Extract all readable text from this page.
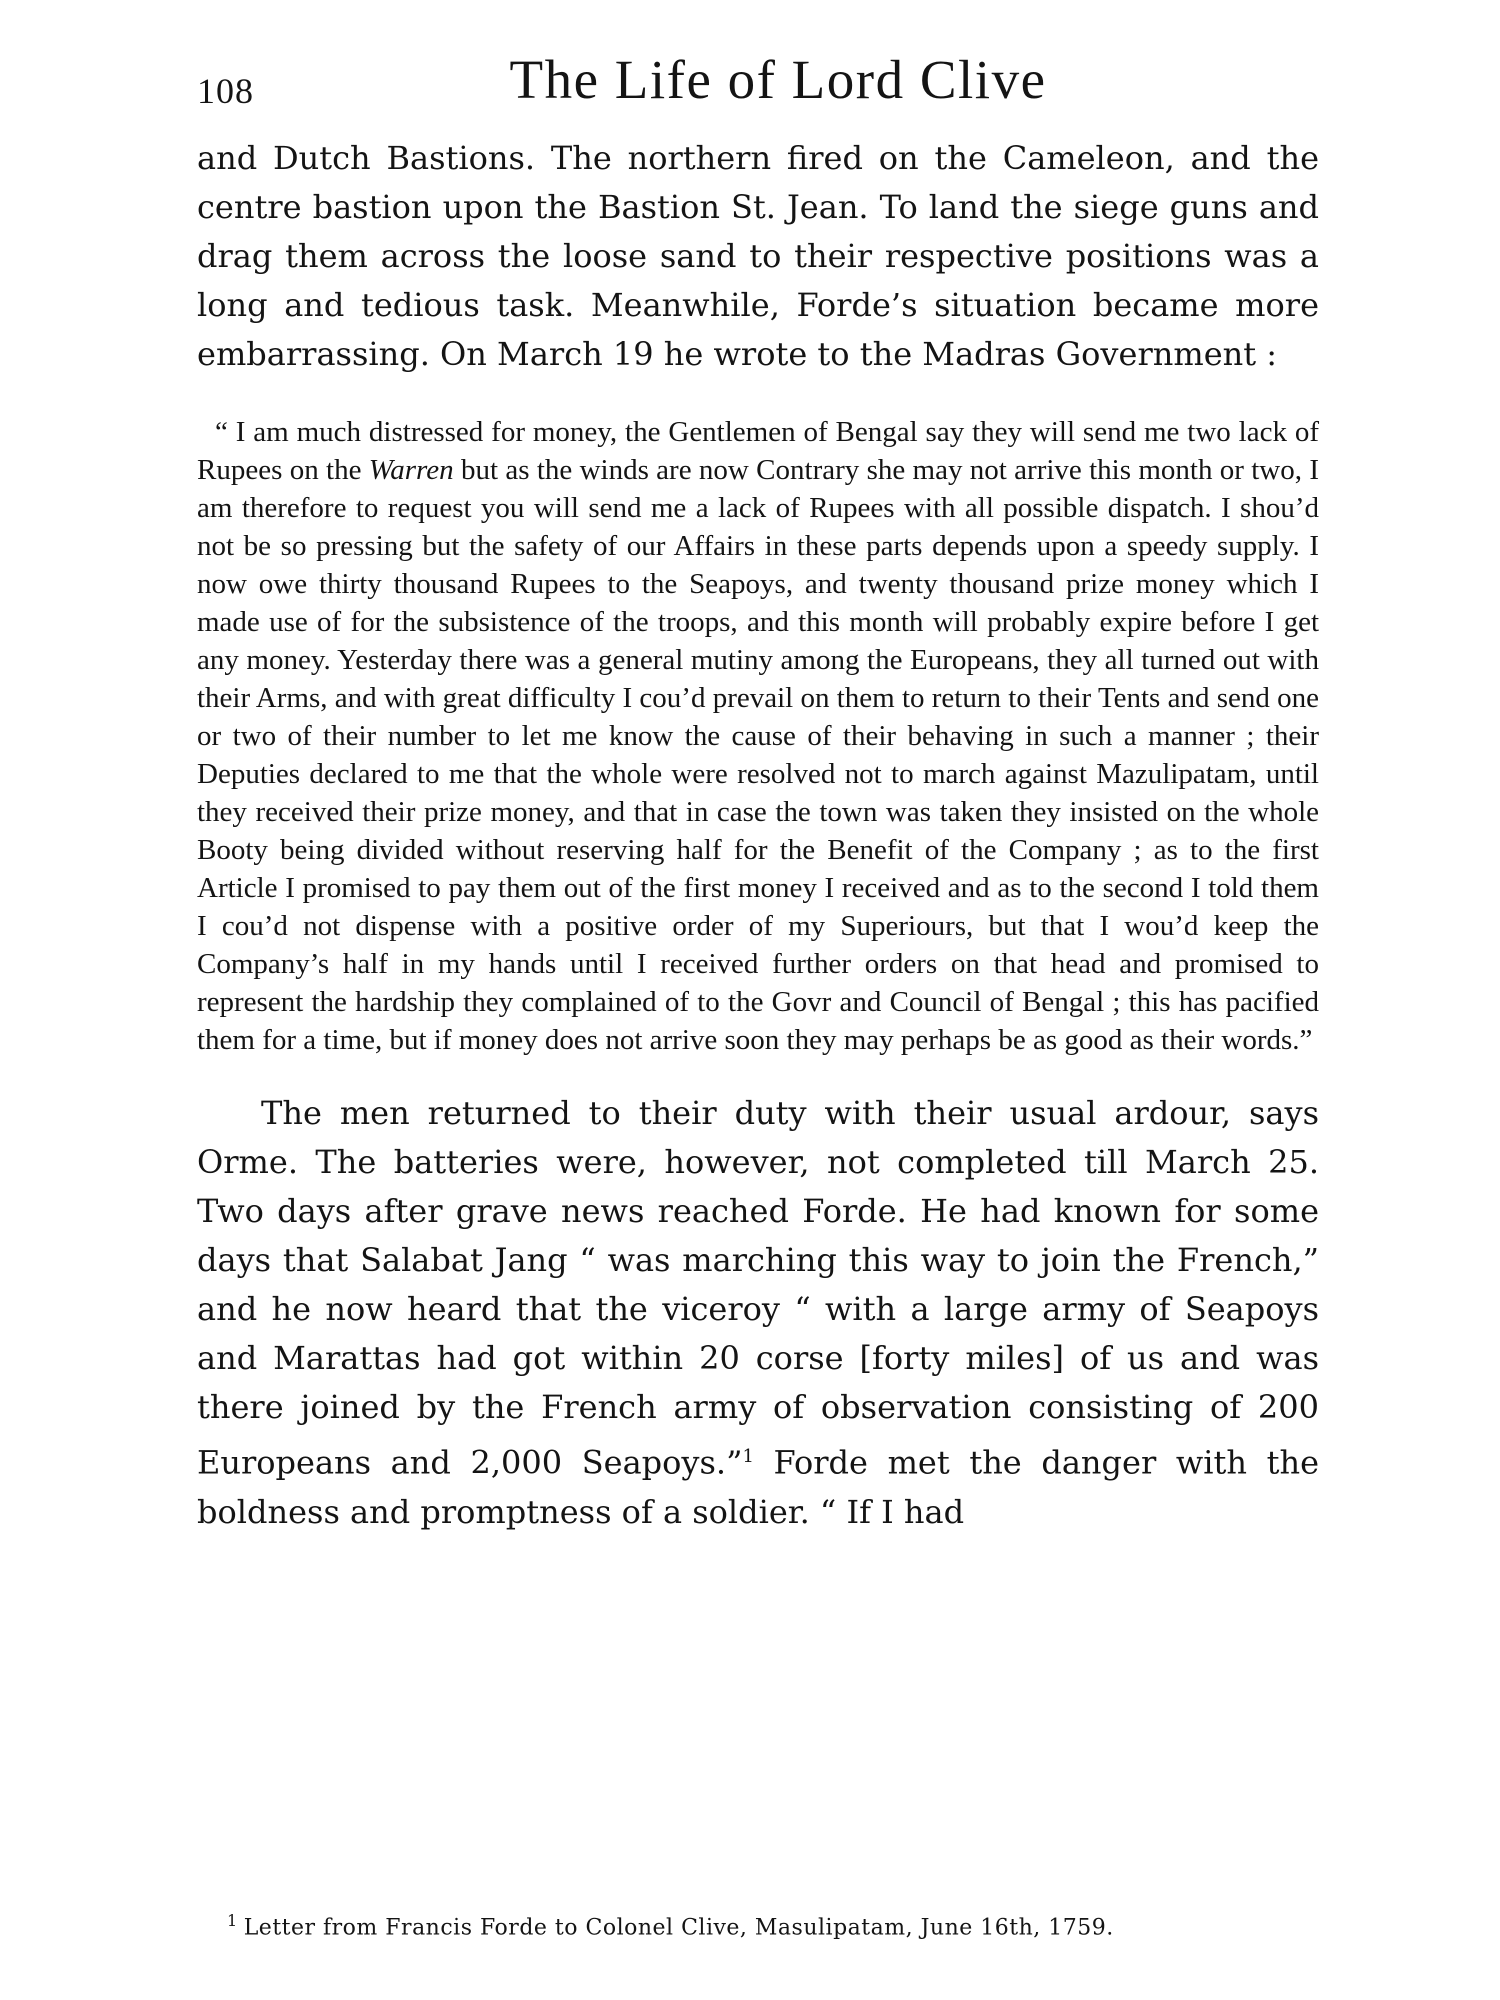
108	The Life of Lord Clive

and Dutch Bastions. The northern fired on the Cameleon, and the centre bastion upon the Bastion St. Jean. To land the siege guns and drag them across the loose sand to their respective positions was a long and tedious task. Meanwhile, Forde’s situation became more embarrassing. On March 19 he wrote to the Madras Government :

“ I am much distressed for money, the Gentlemen of Bengal say they will send me two lack of Rupees on the Warren but as the winds are now Contrary she may not arrive this month or two, I am therefore to request you will send me a lack of Rupees with all possible dispatch. I shou’d not be so pressing but the safety of our Affairs in these parts depends upon a speedy supply. I now owe thirty thousand Rupees to the Seapoys, and twenty thousand prize money which I made use of for the subsistence of the troops, and this month will probably expire before I get any money. Yesterday there was a general mutiny among the Europeans, they all turned out with their Arms, and with great difficulty I cou’d prevail on them to return to their Tents and send one or two of their number to let me know the cause of their behaving in such a manner ; their Deputies declared to me that the whole were resolved not to march against Mazulipatam, until they received their prize money, and that in case the town was taken they insisted on the whole Booty being divided without reserving half for the Benefit of the Company ; as to the first Article I promised to pay them out of the first money I received and as to the second I told them I cou’d not dispense with a positive order of my Superiours, but that I wou’d keep the Company’s half in my hands until I received further orders on that head and promised to represent the hardship they complained of to the Govr and Council of Bengal ; this has pacified them for a time, but if money does not arrive soon they may perhaps be as good as their words.”

The men returned to their duty with their usual ardour, says Orme. The batteries were, however, not completed till March 25. Two days after grave news reached Forde. He had known for some days that Salabat Jang “ was marching this way to join the French,” and he now heard that the viceroy “ with a large army of Seapoys and Marattas had got within 20 corse [forty miles] of us and was there joined by the French army of observation consisting of 200 Europeans and 2,000 Seapoys.”$^1$ Forde met the danger with the boldness and promptness of a soldier. “ If I had

$^1$ Letter from Francis Forde to Colonel Clive, Masulipatam, June 16th, 1759.
